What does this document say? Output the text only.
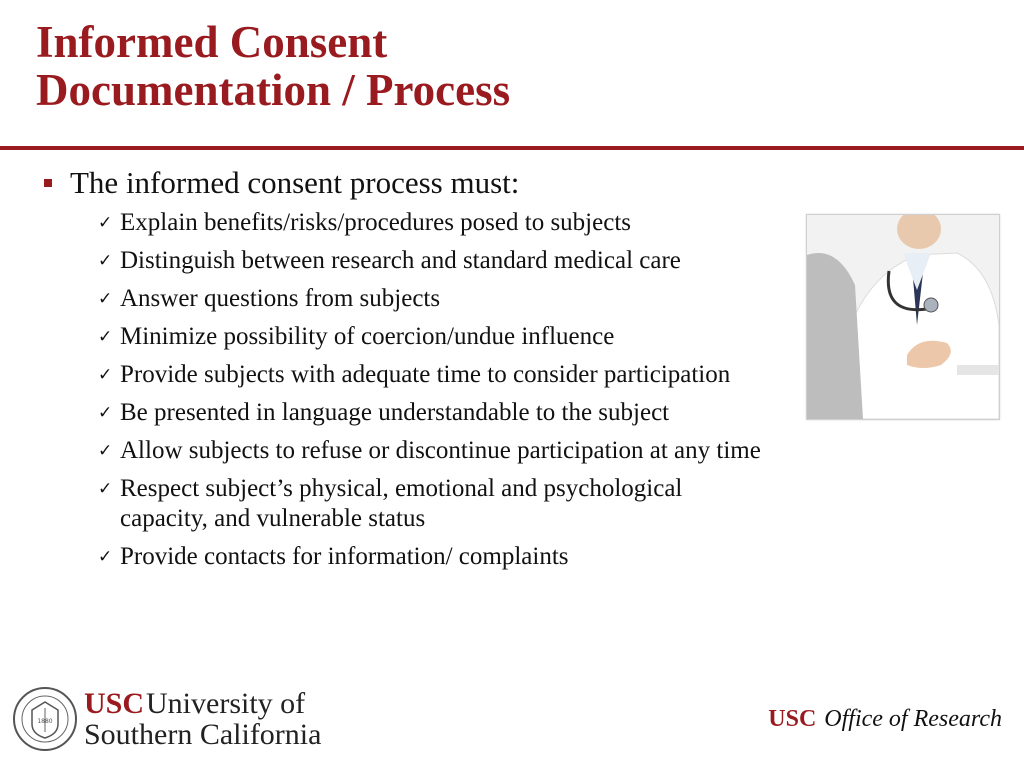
Informed Consent
Documentation / Process
The informed consent process must:
✓ Explain benefits/risks/procedures posed to subjects
✓ Distinguish between research and standard medical care
✓ Answer questions from subjects
✓ Minimize possibility of coercion/undue influence
✓ Provide subjects with adequate time to consider participation
✓ Be presented in language understandable to the subject
✓ Allow subjects to refuse or discontinue participation at any time
✓ Respect subject’s physical, emotional and psychological capacity, and vulnerable status
✓ Provide contacts for information/ complaints
1880
USC University of
Southern California	USC Office of Research
